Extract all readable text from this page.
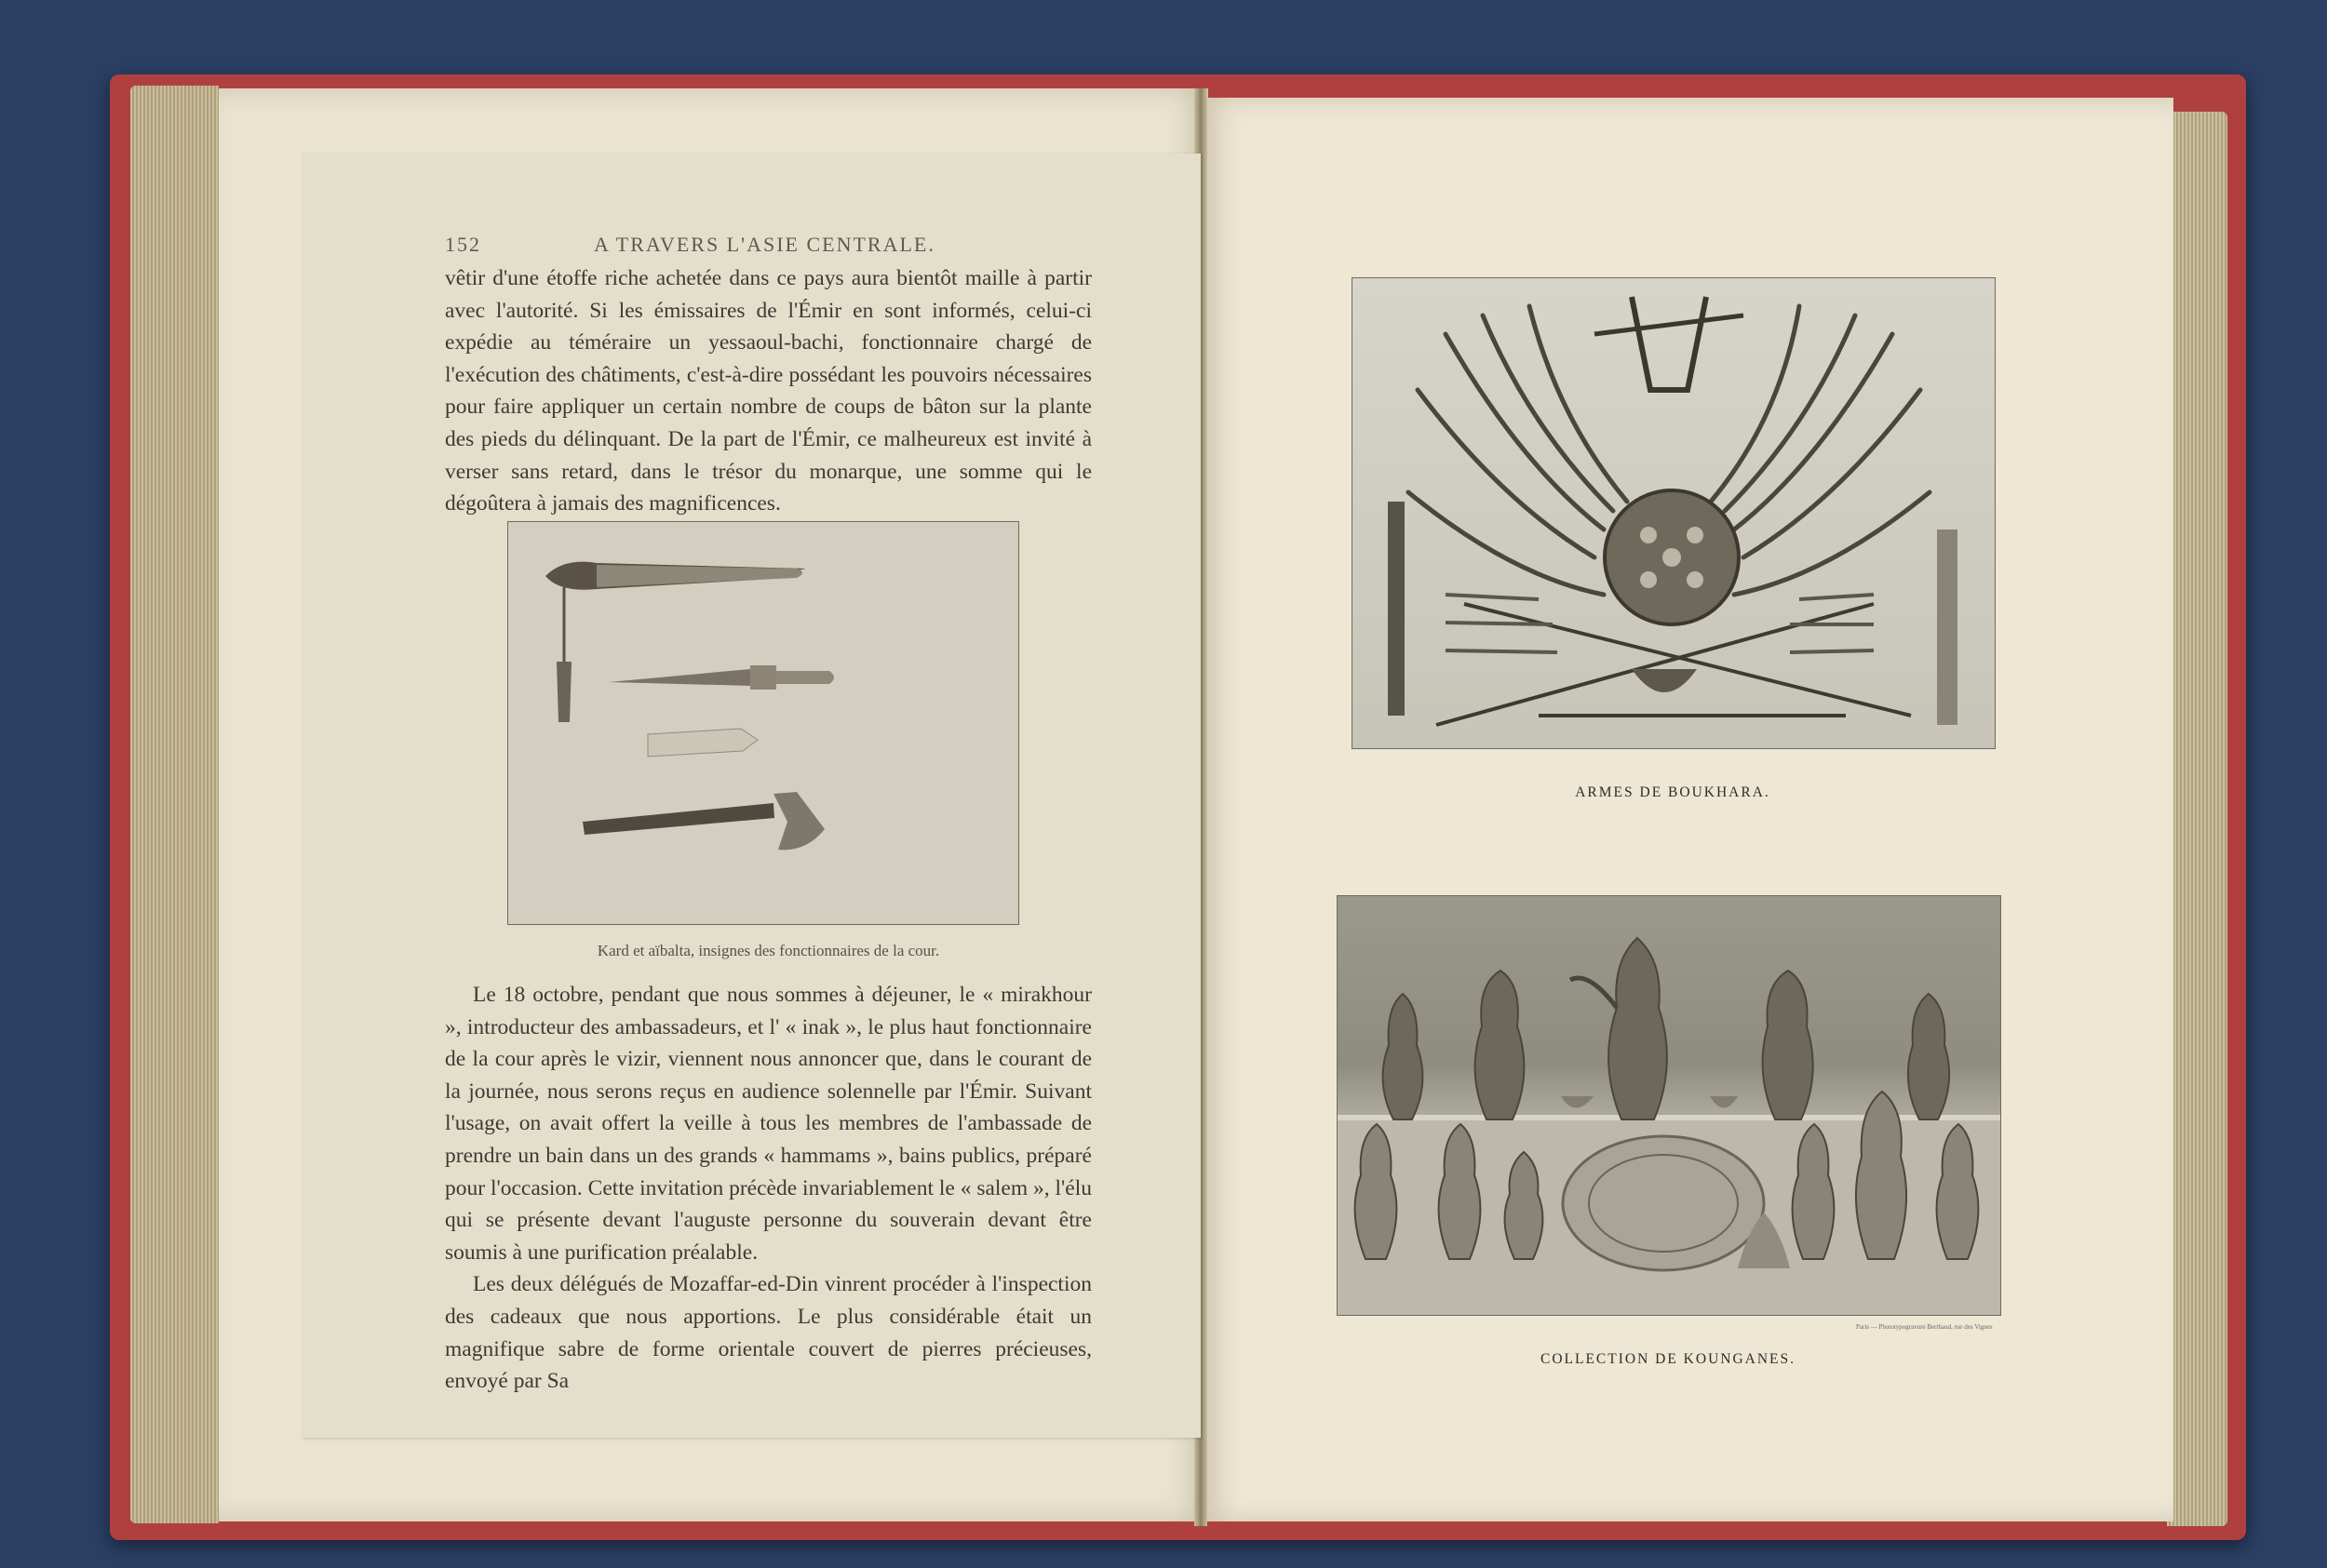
152	A TRAVERS L'ASIE CENTRALE.

vêtir d'une étoffe riche achetée dans ce pays aura bientôt maille à partir avec l'autorité. Si les émissaires de l'Émir en sont informés, celui-ci expédie au téméraire un yessaoul-bachi, fonctionnaire chargé de l'exécution des châtiments, c'est-à-dire possédant les pouvoirs nécessaires pour faire appliquer un certain nombre de coups de bâton sur la plante des pieds du délinquant. De la part de l'Émir, ce malheureux est invité à verser sans retard, dans le trésor du monarque, une somme qui le dégoûtera à jamais des magnificences.

Kard et aïbalta, insignes des fonctionnaires de la cour.

Le 18 octobre, pendant que nous sommes à déjeuner, le « mirakhour », introducteur des ambassadeurs, et l' « inak », le plus haut fonctionnaire de la cour après le vizir, viennent nous annoncer que, dans le courant de la journée, nous serons reçus en audience solennelle par l'Émir. Suivant l'usage, on avait offert la veille à tous les membres de l'ambassade de prendre un bain dans un des grands « hammams », bains publics, préparé pour l'occasion. Cette invitation précède invariablement le « salem », l'élu qui se présente devant l'auguste personne du souverain devant être soumis à une purification préalable.

Les deux délégués de Mozaffar-ed-Din vinrent procéder à l'inspection des cadeaux que nous apportions. Le plus considérable était un magnifique sabre de forme orientale couvert de pierres précieuses, envoyé par Sa

ARMES DE BOUKHARA.
Paris — Phototypogravure Berthaud, rue des Vignes
COLLECTION DE KOUNGANES.
